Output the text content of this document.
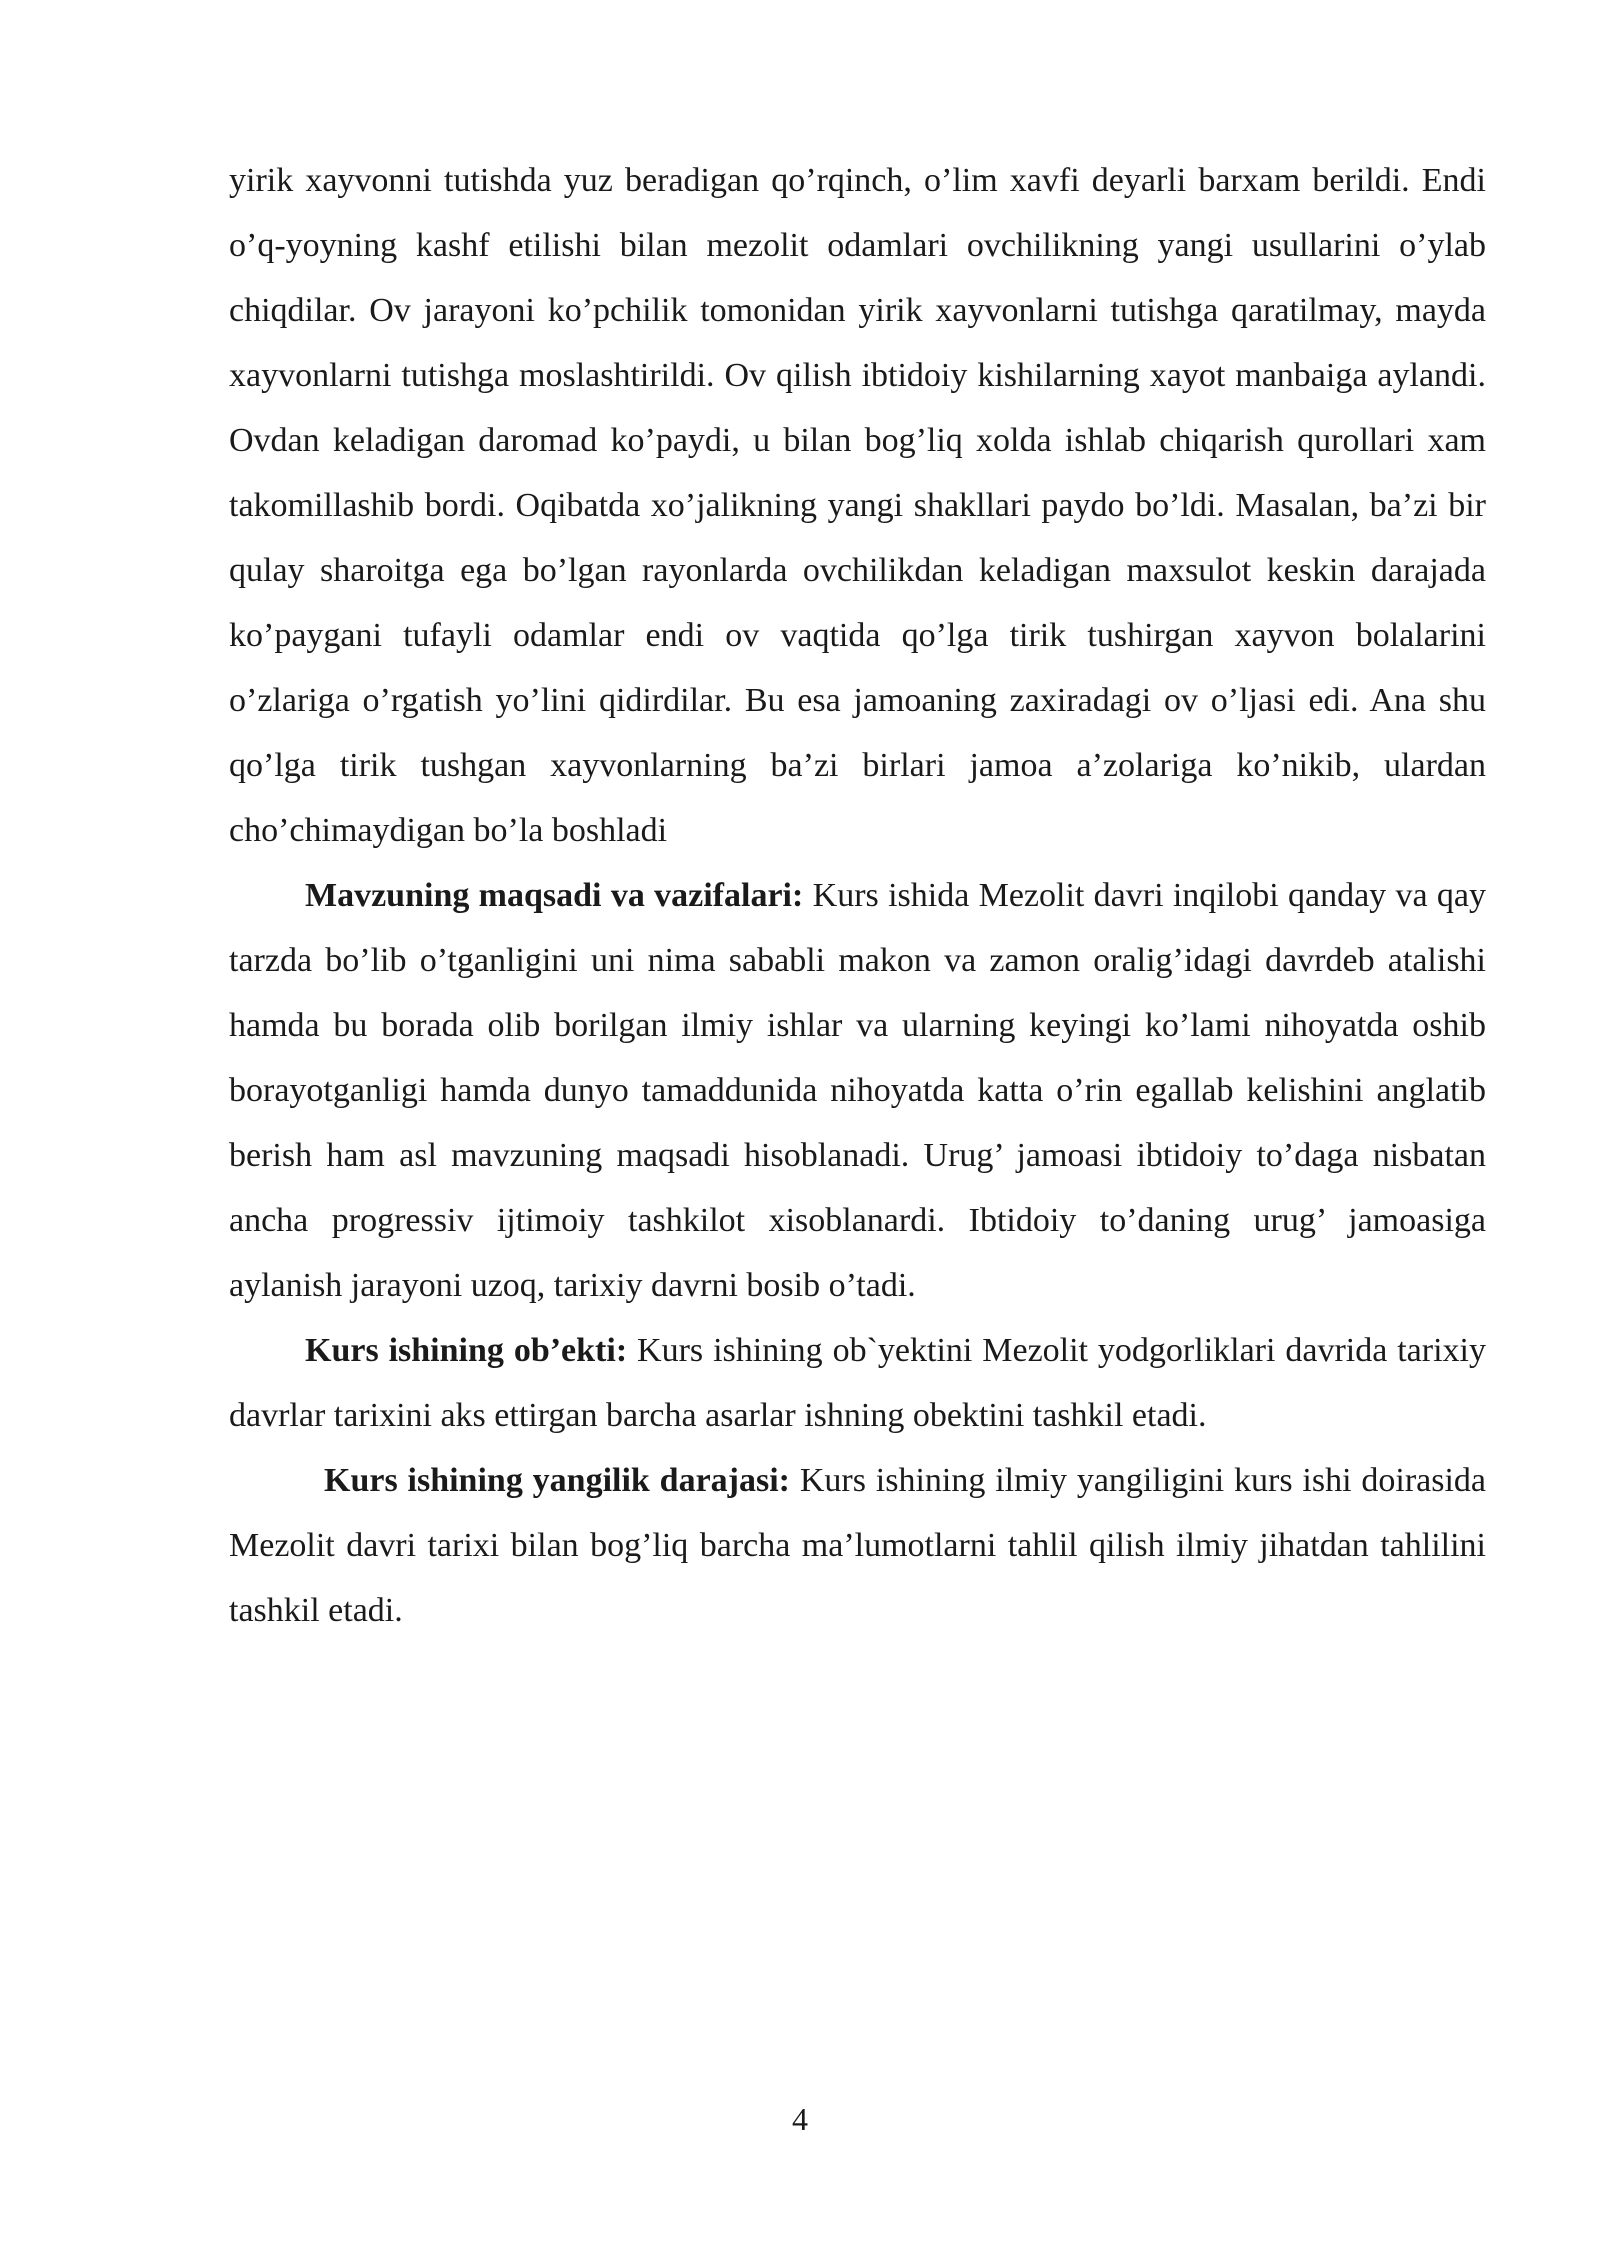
yirik xayvonni tutishda yuz beradigan qo’rqinch, o’lim xavfi deyarli barxam berildi. Endi o’q-yoyning kashf etilishi bilan mezolit odamlari ovchilikning yangi usullarini o’ylab chiqdilar. Ov jarayoni ko’pchilik tomonidan yirik xayvonlarni tutishga qaratilmay, mayda xayvonlarni tutishga moslashtirildi. Ov qilish ibtidoiy kishilarning xayot manbaiga aylandi. Ovdan keladigan daromad ko’paydi, u bilan bog’liq xolda ishlab chiqarish qurollari xam takomillashib bordi. Oqibatda xo’jalikning yangi shakllari paydo bo’ldi. Masalan, ba’zi bir qulay sharoitga ega bo’lgan rayonlarda ovchilikdan keladigan maxsulot keskin darajada ko’paygani tufayli odamlar endi ov vaqtida qo’lga tirik tushirgan xayvon bolalarini o’zlariga o’rgatish yo’lini qidirdilar. Bu esa jamoaning zaxiradagi ov o’ljasi edi. Ana shu qo’lga tirik tushgan xayvonlarning ba’zi birlari jamoa a’zolariga ko’nikib, ulardan cho’chimaydigan bo’la boshladi

Mavzuning maqsadi va vazifalari: Kurs ishida Mezolit davri inqilobi qanday va qay tarzda bo’lib o’tganligini uni nima sababli makon va zamon oralig’idagi davrdeb atalishi hamda bu borada olib borilgan ilmiy ishlar va ularning keyingi ko’lami nihoyatda oshib borayotganligi hamda dunyo tamaddunida nihoyatda katta o’rin egallab kelishini anglatib berish ham asl mavzuning maqsadi hisoblanadi. Urug’ jamoasi ibtidoiy to’daga nisbatan ancha progressiv ijtimoiy tashkilot xisoblanardi. Ibtidoiy to’daning urug’ jamoasiga aylanish jarayoni uzoq, tarixiy davrni bosib o’tadi.

Kurs ishining ob’ekti: Kurs ishining ob`yektini Mezolit yodgorliklari davrida tarixiy davrlar tarixini aks ettirgan barcha asarlar ishning obektini tashkil etadi.

Kurs ishining yangilik darajasi: Kurs ishining ilmiy yangiligini kurs ishi doirasida Mezolit davri tarixi bilan bog’liq barcha ma’lumotlarni tahlil qilish ilmiy jihatdan tahlilini tashkil etadi.

4
